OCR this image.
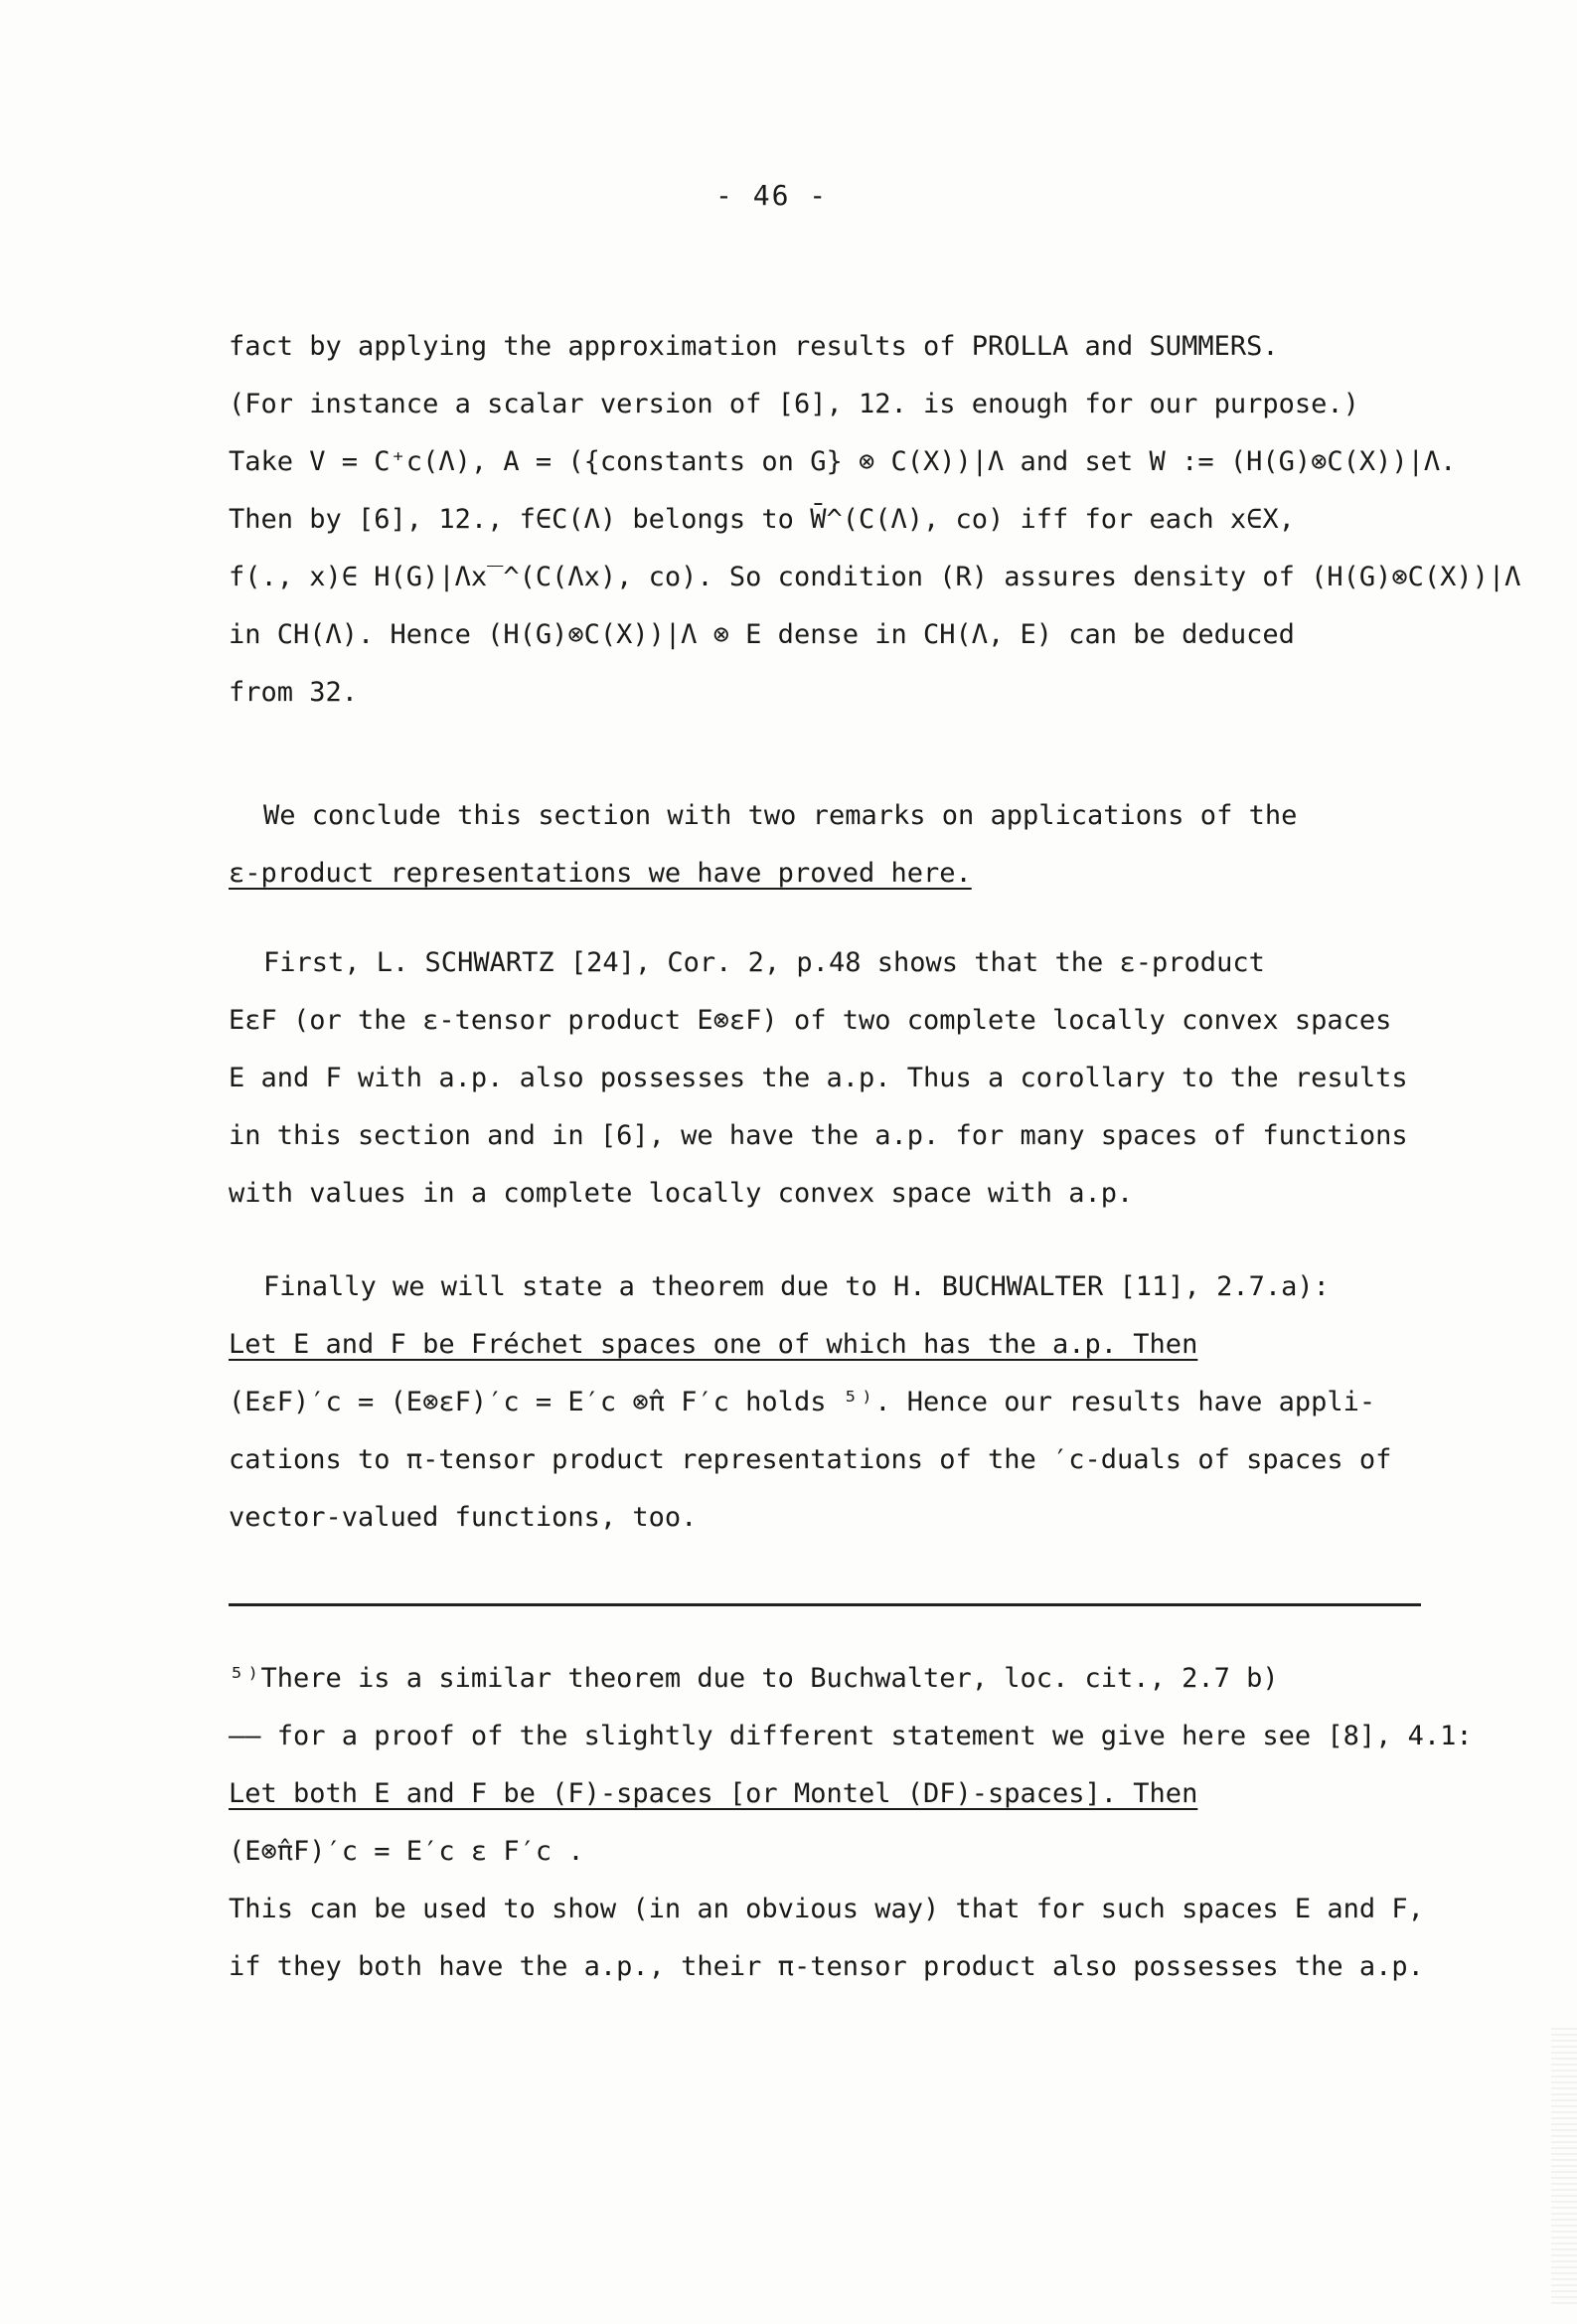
- 46 -
fact by applying the approximation results of PROLLA and SUMMERS.
(For instance a scalar version of [6], 12. is enough for our purpose.)
Take V = C⁺c(Λ), A = ({constants on G} ⊗ C(X))|Λ and set W := (H(G)⊗C(X))|Λ.
Then by [6], 12., f∈C(Λ) belongs to W̄^(C(Λ), co) iff for each x∈X,
f(., x)∈ H(G)|Λx‾^(C(Λx), co). So condition (R) assures density of (H(G)⊗C(X))|Λ
in CH(Λ). Hence (H(G)⊗C(X))|Λ ⊗ E dense in CH(Λ, E) can be deduced
from 32.
We conclude this section with two remarks on applications of the
ε-product representations we have proved here.
First, L. SCHWARTZ [24], Cor. 2, p.48 shows that the ε-product
EεF (or the ε-tensor product E⊗εF) of two complete locally convex spaces
E and F with a.p. also possesses the a.p. Thus a corollary to the results
in this section and in [6], we have the a.p. for many spaces of functions
with values in a complete locally convex space with a.p.
Finally we will state a theorem due to H. BUCHWALTER [11], 2.7.a):
Let E and F be Fréchet spaces one of which has the a.p. Then
(EεF)′c = (E⊗εF)′c = E′c ⊗̂π F′c holds ⁵⁾. Hence our results have appli-
cations to π-tensor product representations of the ′c-duals of spaces of
vector-valued functions, too.
⁵⁾There is a similar theorem due to Buchwalter, loc. cit., 2.7 b)
—— for a proof of the slightly different statement we give here see [8], 4.1:
Let both E and F be (F)-spaces [or Montel (DF)-spaces]. Then
(E⊗̂πF)′c = E′c ε F′c .
This can be used to show (in an obvious way) that for such spaces E and F,
if they both have the a.p., their π-tensor product also possesses the a.p.
